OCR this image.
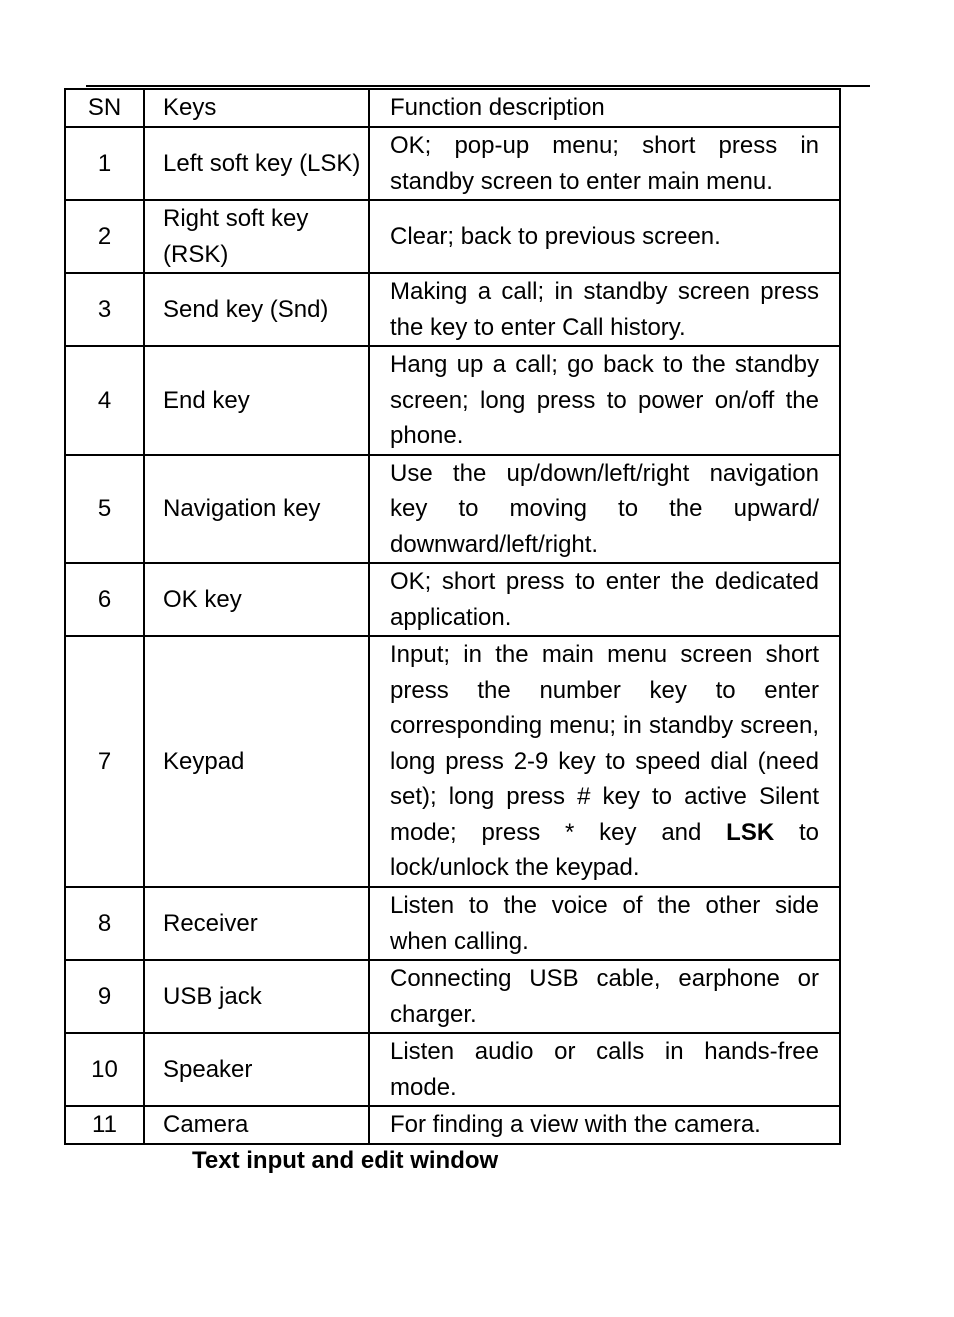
SN	Keys	Function description
1	Left soft key (LSK)	OK; pop-up menu; short press in standby screen to enter main menu.
2	Right soft key (RSK)	Clear; back to previous screen.
3	Send key (Snd)	Making a call; in standby screen press the key to enter Call history.
4	End key	Hang up a call; go back to the standby screen; long press to power on/off the phone.
5	Navigation key	Use the up/down/left/right navigation key to moving to the upward/ downward/left/right.
6	OK key	OK; short press to enter the dedicated application.
7	Keypad	Input; in the main menu screen short press the number key to enter corresponding menu; in standby screen, long press 2-9 key to speed dial (need set); long press # key to active Silent mode; press * key and LSK to lock/unlock the keypad.
8	Receiver	Listen to the voice of the other side when calling.
9	USB jack	Connecting USB cable, earphone or charger.
10	Speaker	Listen audio or calls in hands-free mode.
11	Camera	For finding a view with the camera.
Text input and edit window
